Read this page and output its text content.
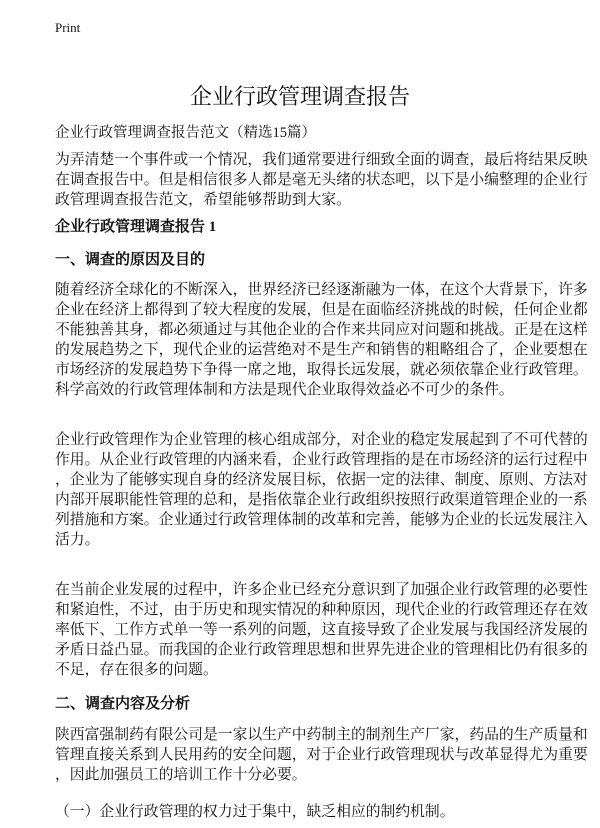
Print
企业行政管理调查报告
企业行政管理调查报告范文（精选15篇）
为弄清楚一个事件或一个情况，我们通常要进行细致全面的调查，最后将结果反映
在调查报告中。但是相信很多人都是毫无头绪的状态吧，以下是小编整理的企业行
政管理调查报告范文，希望能够帮助到大家。
企业行政管理调查报告 1
一、调查的原因及目的
随着经济全球化的不断深入，世界经济已经逐渐融为一体，在这个大背景下，许多
企业在经济上都得到了较大程度的发展，但是在面临经济挑战的时候，任何企业都
不能独善其身，都必须通过与其他企业的合作来共同应对问题和挑战。正是在这样
的发展趋势之下，现代企业的运营绝对不是生产和销售的粗略组合了，企业要想在
市场经济的发展趋势下争得一席之地，取得长远发展，就必须依靠企业行政管理。
科学高效的行政管理体制和方法是现代企业取得效益必不可少的条件。
企业行政管理作为企业管理的核心组成部分，对企业的稳定发展起到了不可代替的
作用。从企业行政管理的内涵来看，企业行政管理指的是在市场经济的运行过程中
，企业为了能够实现自身的经济发展目标，依据一定的法律、制度、原则、方法对
内部开展职能性管理的总和，是指依靠企业行政组织按照行政渠道管理企业的一系
列措施和方案。企业通过行政管理体制的改革和完善，能够为企业的长远发展注入
活力。
在当前企业发展的过程中，许多企业已经充分意识到了加强企业行政管理的必要性
和紧迫性，不过，由于历史和现实情况的种种原因，现代企业的行政管理还存在效
率低下、工作方式单一等一系列的问题，这直接导致了企业发展与我国经济发展的
矛盾日益凸显。而我国的企业行政管理思想和世界先进企业的管理相比仍有很多的
不足，存在很多的问题。
二、调查内容及分析
陕西富强制药有限公司是一家以生产中药制主的制剂生产厂家，药品的生产质量和
管理直接关系到人民用药的安全问题，对于企业行政管理现状与改革显得尤为重要
，因此加强员工的培训工作十分必要。
（一）企业行政管理的权力过于集中，缺乏相应的制约机制。
